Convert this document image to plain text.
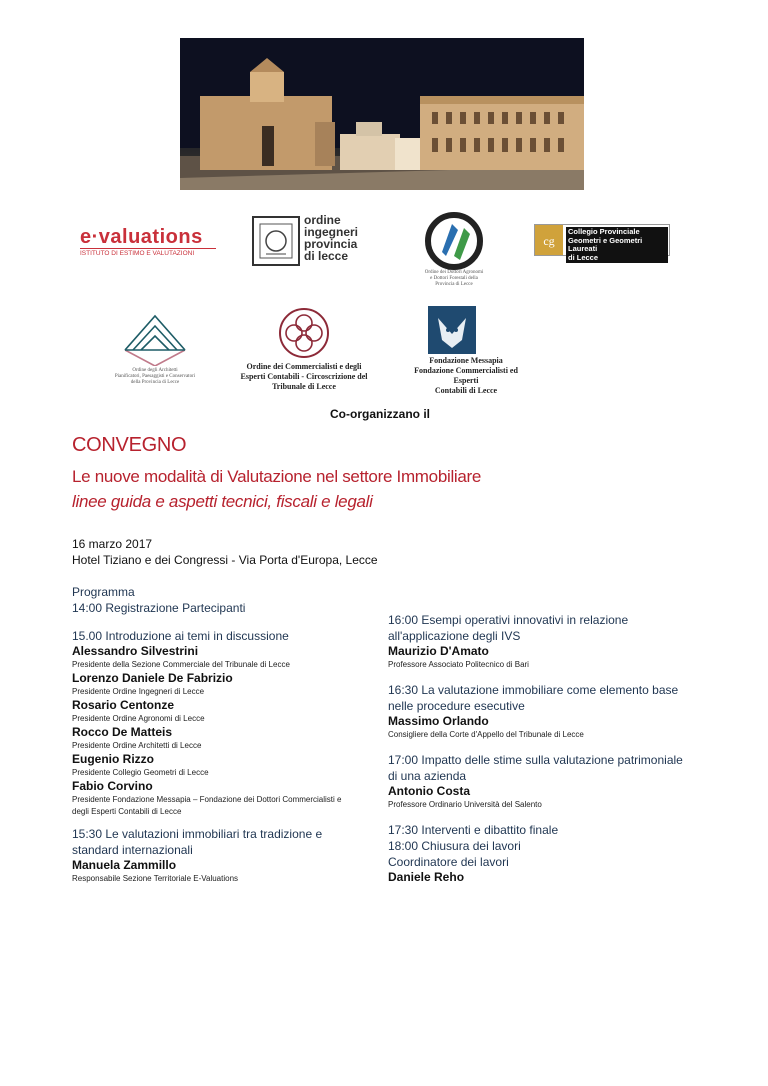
e·valuations
ISTITUTO DI ESTIMO E VALUTAZIONI
ordine
ingegneri
provincia
di lecce
Ordine dei Dottori Agronomi
e Dottori Forestali della
Provincia di Lecce
cg
Collegio Provinciale
Geometri e Geometri Laureati
di Lecce
Ordine degli Architetti
Pianificatori, Paesaggisti e Conservatori
della Provincia di Lecce
Ordine dei Commercialisti e degli
Esperti Contabili - Circoscrizione del
Tribunale di Lecce
Fondazione Messapia
Fondazione Commercialisti ed Esperti
Contabili di Lecce
Co-organizzano il
CONVEGNO
Le nuove modalità di Valutazione nel settore Immobiliare
linee guida e aspetti tecnici, fiscali e legali
16 marzo 2017
Hotel Tiziano e dei Congressi - Via Porta d'Europa, Lecce
Programma
14:00 Registrazione Partecipanti
15.00 Introduzione ai temi in discussione
Alessandro Silvestrini
Presidente della Sezione Commerciale del Tribunale di Lecce
Lorenzo Daniele De Fabrizio
Presidente Ordine Ingegneri di Lecce
Rosario Centonze
Presidente Ordine Agronomi di Lecce
Rocco De Matteis
Presidente Ordine Architetti di Lecce
Eugenio Rizzo
Presidente Collegio Geometri di Lecce
Fabio Corvino
Presidente Fondazione Messapia – Fondazione dei Dottori Commercialisti e
degli Esperti Contabili di Lecce
15:30 Le valutazioni immobiliari tra tradizione e
standard internazionali
Manuela Zammillo
Responsabile Sezione Territoriale E-Valuations
16:00 Esempi operativi innovativi in relazione
all'applicazione degli IVS
Maurizio D'Amato
Professore Associato Politecnico di Bari
16:30 La valutazione immobiliare come elemento base
nelle procedure esecutive
Massimo Orlando
Consigliere della Corte d'Appello del Tribunale di Lecce
17:00 Impatto delle stime sulla valutazione patrimoniale
di una azienda
Antonio Costa
Professore Ordinario Università del Salento
17:30 Interventi e dibattito finale
18:00 Chiusura dei lavori
Coordinatore dei lavori
Daniele Reho
